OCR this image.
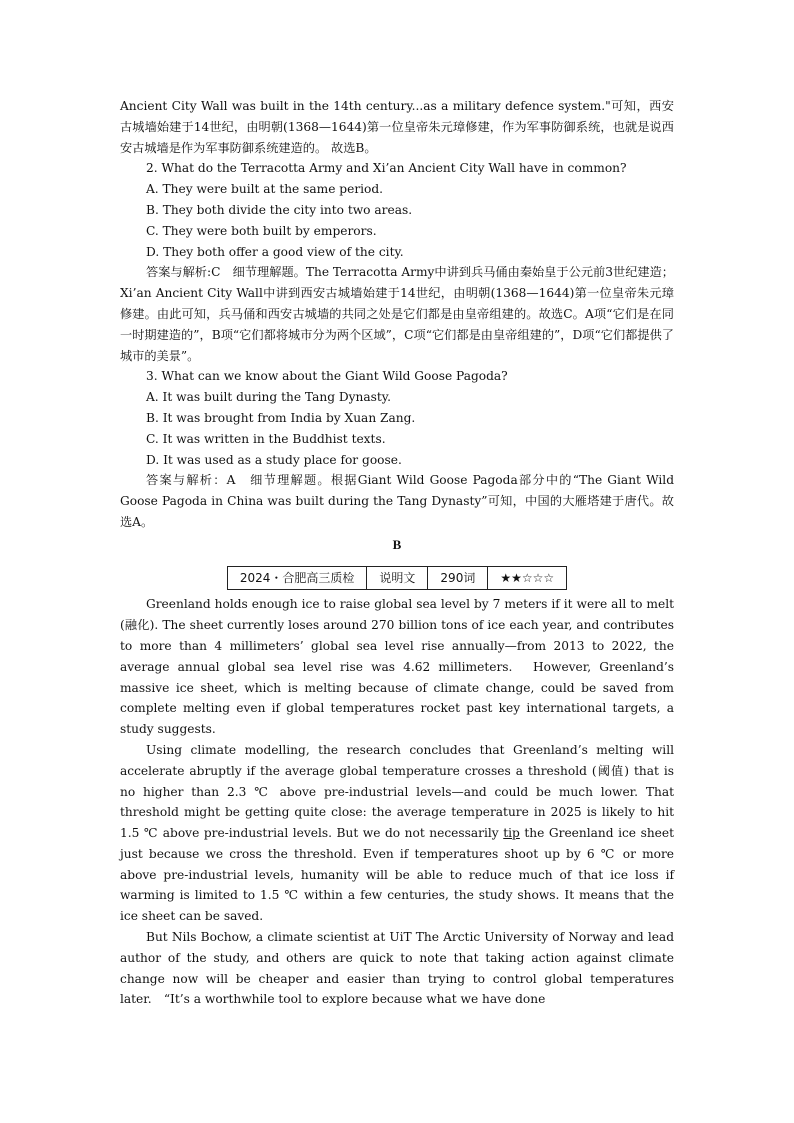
Ancient City Wall was built in the 14th century...as a military defence system."可知，西安古城墙始建于14世纪，由明朝(1368—1644)第一位皇帝朱元璋修建，作为军事防御系统，也就是说西安古城墙是作为军事防御系统建造的。 故选B。

2. What do the Terracotta Army and Xi’an Ancient City Wall have in common?

A. They were built at the same period.

B. They both divide the city into two areas.

C. They were both built by emperors.

D. They both offer a good view of the city.

答案与解析:C　细节理解题。The Terracotta Army中讲到兵马俑由秦始皇于公元前3世纪建造；Xi’an Ancient City Wall中讲到西安古城墙始建于14世纪，由明朝(1368—1644)第一位皇帝朱元璋修建。由此可知，兵马俑和西安古城墙的共同之处是它们都是由皇帝组建的。故选C。A项“它们是在同一时期建造的”，B项“它们都将城市分为两个区域”，C项“它们都是由皇帝组建的”，D项“它们都提供了城市的美景”。

3. What can we know about the Giant Wild Goose Pagoda?

A. It was built during the Tang Dynasty.

B. It was brought from India by Xuan Zang.

C. It was written in the Buddhist texts.

D. It was used as a study place for goose.

答案与解析：A　细节理解题。根据Giant Wild Goose Pagoda部分中的“The Giant Wild Goose Pagoda in China was built during the Tang Dynasty”可知，中国的大雁塔建于唐代。故选A。

B
2024・合肥高三质检	说明文	290词	★★☆☆☆

Greenland holds enough ice to raise global sea level by 7 meters if it were all to melt (融化). The sheet currently loses around 270 billion tons of ice each year, and contributes to more than 4 millimeters’ global sea level rise annually—from 2013 to 2022, the average annual global sea level rise was 4.62 millimeters.　However, Greenland’s massive ice sheet, which is melting because of climate change, could be saved from complete melting even if global temperatures rocket past key international targets, a study suggests.

Using climate modelling, the research concludes that Greenland’s melting will accelerate abruptly if the average global temperature crosses a threshold (阈值) that is no higher than 2.3 ℃ above pre-industrial levels—and could be much lower. That threshold might be getting quite close: the average temperature in 2025 is likely to hit 1.5 ℃ above pre-industrial levels. But we do not necessarily tip the Greenland ice sheet just because we cross the threshold. Even if temperatures shoot up by 6 ℃ or more above pre-industrial levels, humanity will be able to reduce much of that ice loss if warming is limited to 1.5 ℃ within a few centuries, the study shows. It means that the ice sheet can be saved.

But Nils Bochow, a climate scientist at UiT The Arctic University of Norway and lead author of the study, and others are quick to note that taking action against climate change now will be cheaper and easier than trying to control global temperatures later.　“It’s a worthwhile tool to explore because what we have done
